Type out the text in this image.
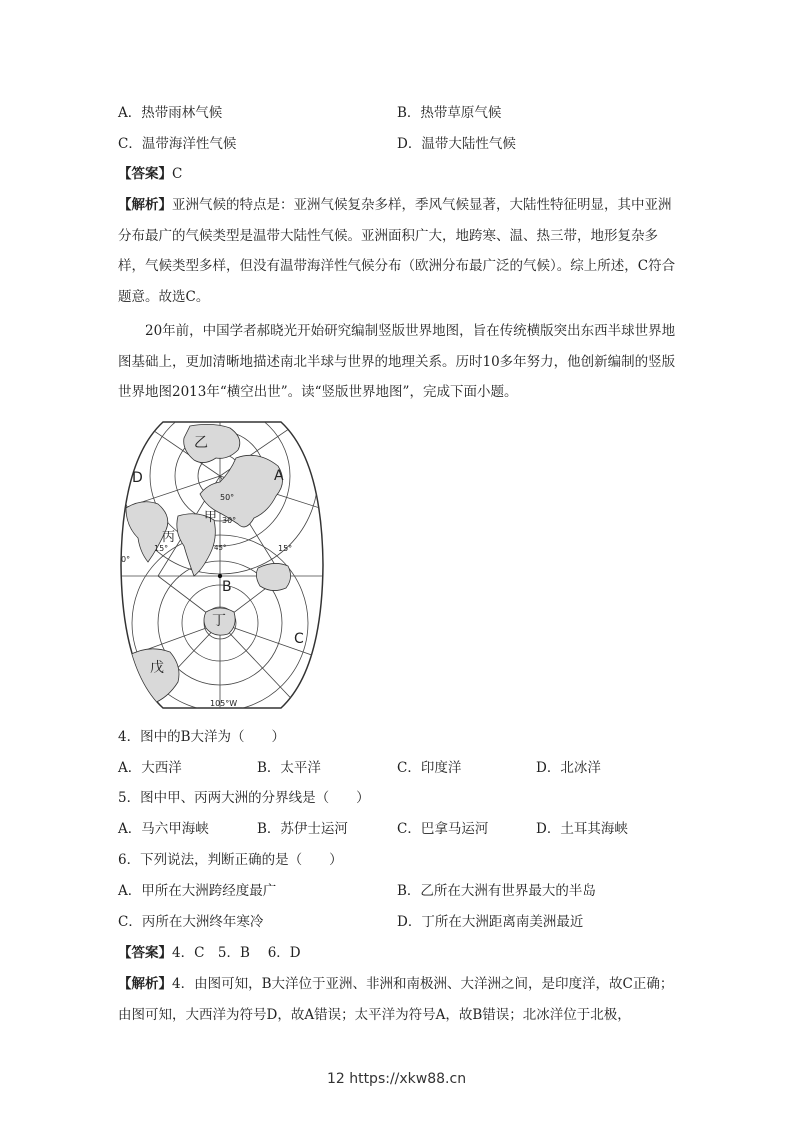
A．热带雨林气候	B．热带草原气候
C．温带海洋性气候	D．温带大陆性气候
【答案】C
【解析】亚洲气候的特点是：亚洲气候复杂多样，季风气候显著，大陆性特征明显，其中亚洲分布最广的气候类型是温带大陆性气候。亚洲面积广大，地跨寒、温、热三带，地形复杂多样，气候类型多样，但没有温带海洋性气候分布（欧洲分布最广泛的气候）。综上所述，C符合题意。故选C。
20年前，中国学者郝晓光开始研究编制竖版世界地图，旨在传统横版突出东西半球世界地图基础上，更加清晰地描述南北半球与世界的地理关系。历时10多年努力，他创新编制的竖版世界地图2013年“横空出世”。读“竖版世界地图”，完成下面小题。
乙
A
D
甲
丙
B
丁
C
戊
50°
30°
15°	15°
45°
0°
105°W
4．图中的B大洋为（　　）
A．大西洋	B．太平洋	C．印度洋	D．北冰洋
5．图中甲、丙两大洲的分界线是（　　）
A．马六甲海峡	B．苏伊士运河	C．巴拿马运河	D．土耳其海峡
6．下列说法，判断正确的是（　　）
A．甲所在大洲跨经度最广	B．乙所在大洲有世界最大的半岛
C．丙所在大洲终年寒冷	D．丁所在大洲距离南美洲最近
【答案】4．C　5．B　 6．D
【解析】4．由图可知，B大洋位于亚洲、非洲和南极洲、大洋洲之间，是印度洋，故C正确；由图可知，大西洋为符号D，故A错误；太平洋为符号A，故B错误；北冰洋位于北极，
12 https://xkw88.cn
